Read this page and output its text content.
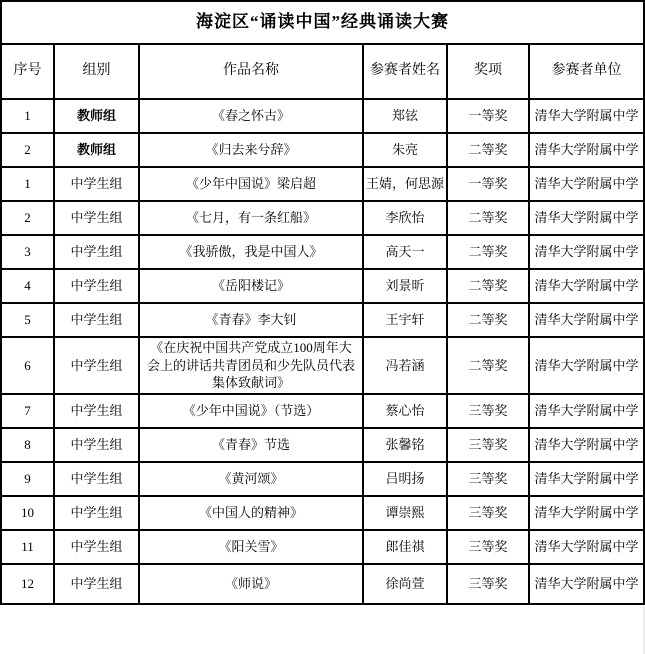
海淀区“诵读中国”经典诵读大赛					
序号	组别	作品名称	参赛者姓名	奖项	参赛者单位
1	教师组	《春之怀古》	郑铉	一等奖	清华大学附属中学
2	教师组	《归去来兮辞》	朱亮	二等奖	清华大学附属中学
1	中学生组	《少年中国说》梁启超	王婧，何思源	一等奖	清华大学附属中学
2	中学生组	《七月，有一条红船》	李欣怡	二等奖	清华大学附属中学
3	中学生组	《我骄傲，我是中国人》	高天一	二等奖	清华大学附属中学
4	中学生组	《岳阳楼记》	刘景昕	二等奖	清华大学附属中学
5	中学生组	《青春》李大钊	王宇轩	二等奖	清华大学附属中学
6	中学生组	《在庆祝中国共产党成立100周年大会上的讲话共青团员和少先队员代表集体致献词》	冯若涵	二等奖	清华大学附属中学
7	中学生组	《少年中国说》（节选）	蔡心怡	三等奖	清华大学附属中学
8	中学生组	《青春》节选	张馨铭	三等奖	清华大学附属中学
9	中学生组	《黄河颂》	吕明扬	三等奖	清华大学附属中学
10	中学生组	《中国人的精神》	谭崇熙	三等奖	清华大学附属中学
11	中学生组	《阳关雪》	郎佳祺	三等奖	清华大学附属中学
12	中学生组	《师说》	徐尚萱	三等奖	清华大学附属中学
